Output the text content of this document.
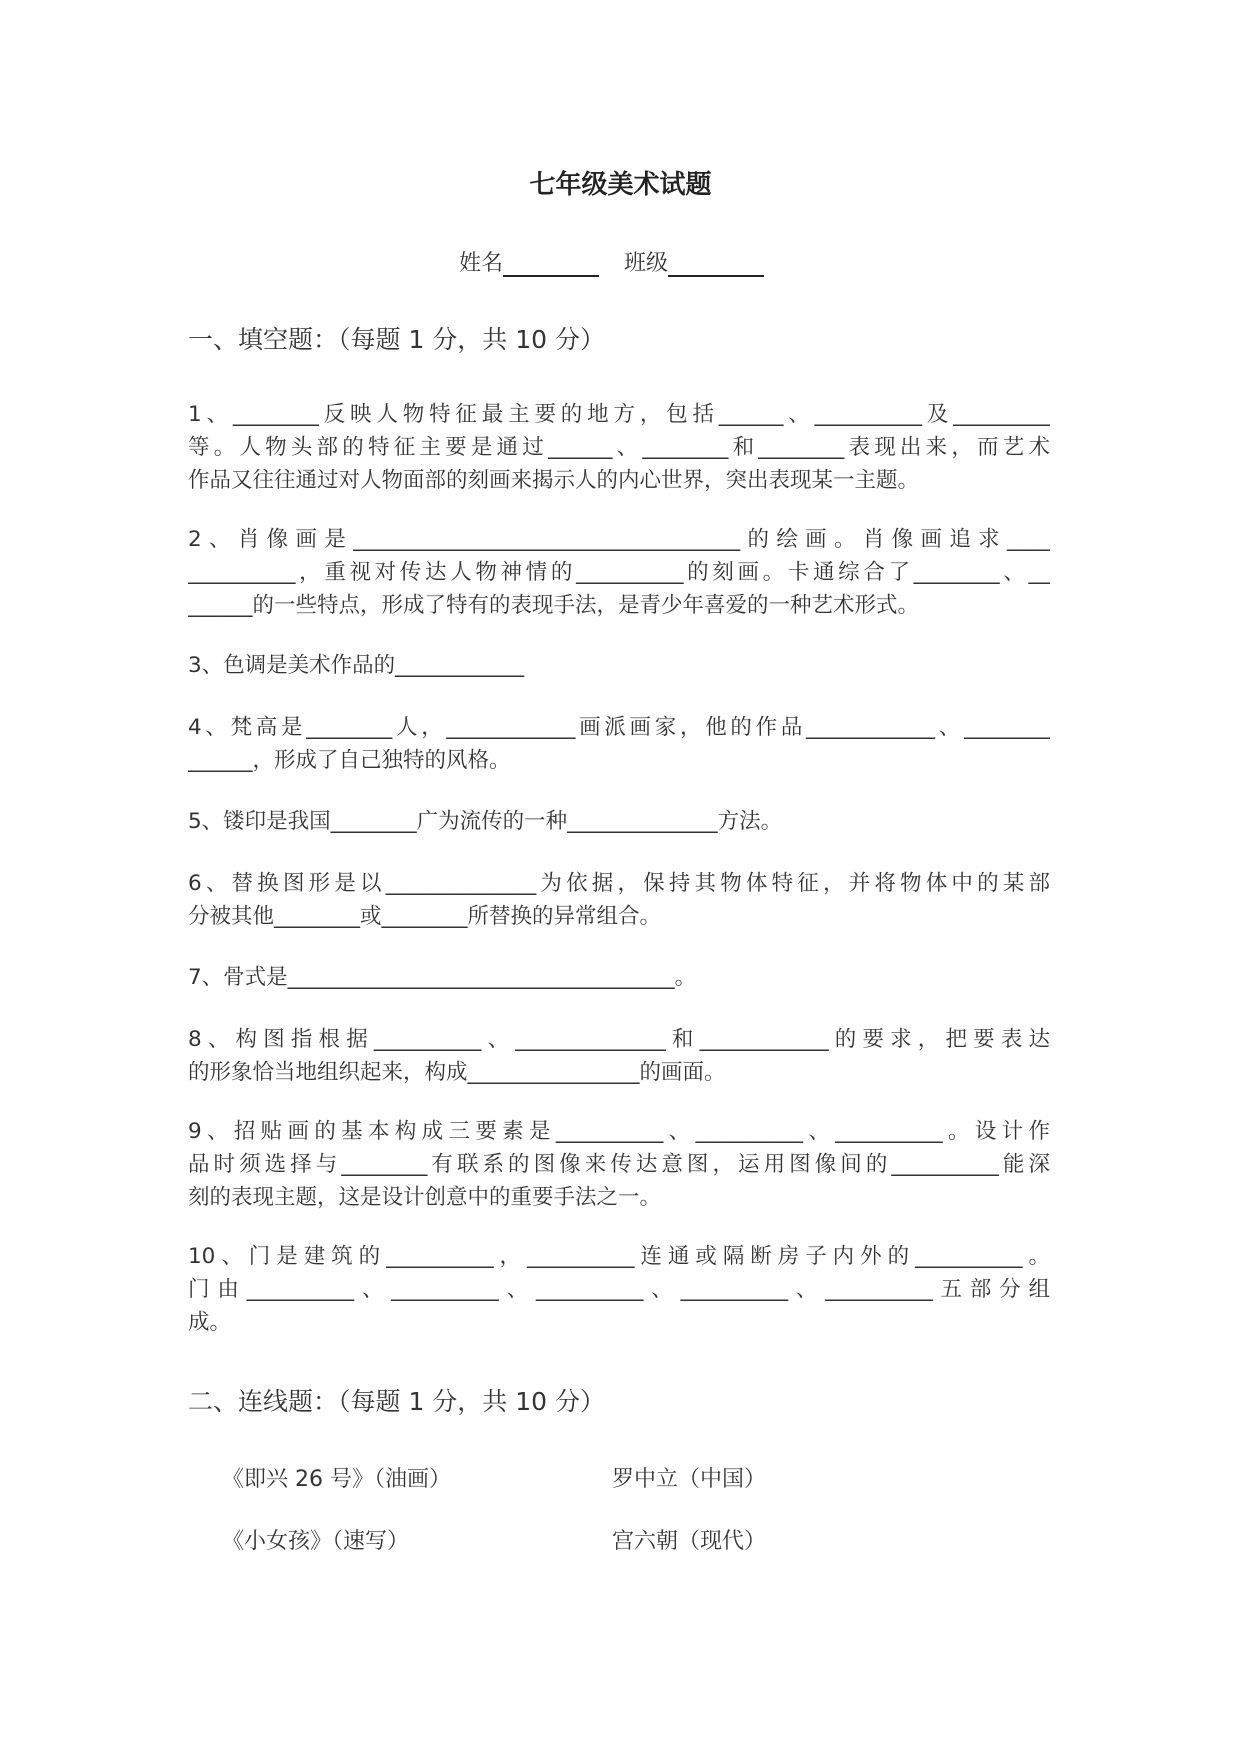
七年级美术试题
姓名	班级
一、填空题：（每题 1 分，共 10 分）
1、________反映人物特征最主要的地方，包括______、__________及_________
等。人物头部的特征主要是通过______、________和________表现出来，而艺术
作品又往往通过对人物面部的刻画来揭示人的内心世界，突出表现某一主题。
2、肖像画是____________________________________的绘画。肖像画追求____
__________，重视对传达人物神情的__________的刻画。卡通综合了________、__
______的一些特点，形成了特有的表现手法，是青少年喜爱的一种艺术形式。
3、色调是美术作品的____________
4、梵高是________人，____________画派画家，他的作品____________、________
______，形成了自己独特的风格。
5、镂印是我国________广为流传的一种______________方法。
6、替换图形是以______________为依据，保持其物体特征，并将物体中的某部
分被其他________或________所替换的异常组合。
7、骨式是____________________________________。
8、构图指根据__________、______________和____________的要求，把要表达
的形象恰当地组织起来，构成________________的画面。
9、招贴画的基本构成三要素是__________、__________、__________。设计作
品时须选择与________有联系的图像来传达意图，运用图像间的__________能深
刻的表现主题，这是设计创意中的重要手法之一。
10、门是建筑的__________，__________连通或隔断房子内外的__________。
门由__________、__________、__________、__________、__________五部分组
成。
二、连线题：（每题 1 分，共 10 分）
《即兴 26 号》（油画）	罗中立（中国）
《小女孩》（速写）	宫六朝（现代）
